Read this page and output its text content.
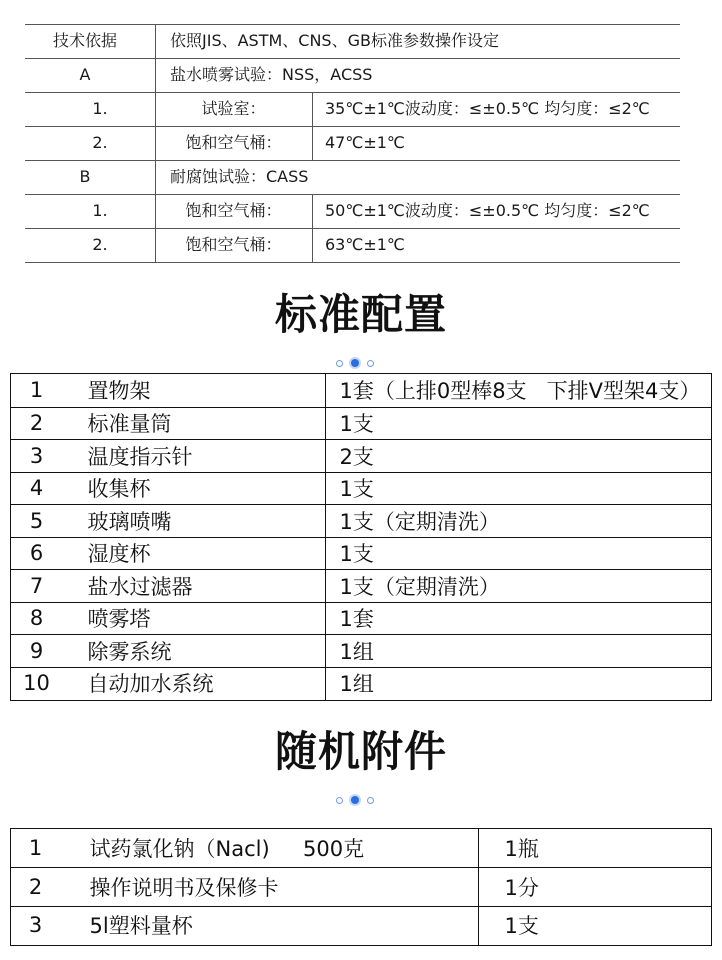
技术依据	依照JIS、ASTM、CNS、GB标准参数操作设定
A	盐水喷雾试验：NSS，ACSS
1.	试验室：	35℃±1℃波动度：≤±0.5℃ 均匀度：≤2℃
2.	饱和空气桶：	47℃±1℃
B	耐腐蚀试验：CASS
1.	饱和空气桶：	50℃±1℃波动度：≤±0.5℃ 均匀度：≤2℃
2.	饱和空气桶：	63℃±1℃
标准配置
1	置物架	1套（上排0型棒8支   下排V型架4支）
2	标准量筒	1支
3	温度指示针	2支
4	收集杯	1支
5	玻璃喷嘴	1支（定期清洗）
6	湿度杯	1支
7	盐水过滤器	1支（定期清洗）
8	喷雾塔	1套
9	除雾系统	1组
10	自动加水系统	1组
随机附件
1	试药氯化钠（Nacl)     500克	1瓶
2	操作说明书及保修卡	1分
3	5l塑料量杯	1支
